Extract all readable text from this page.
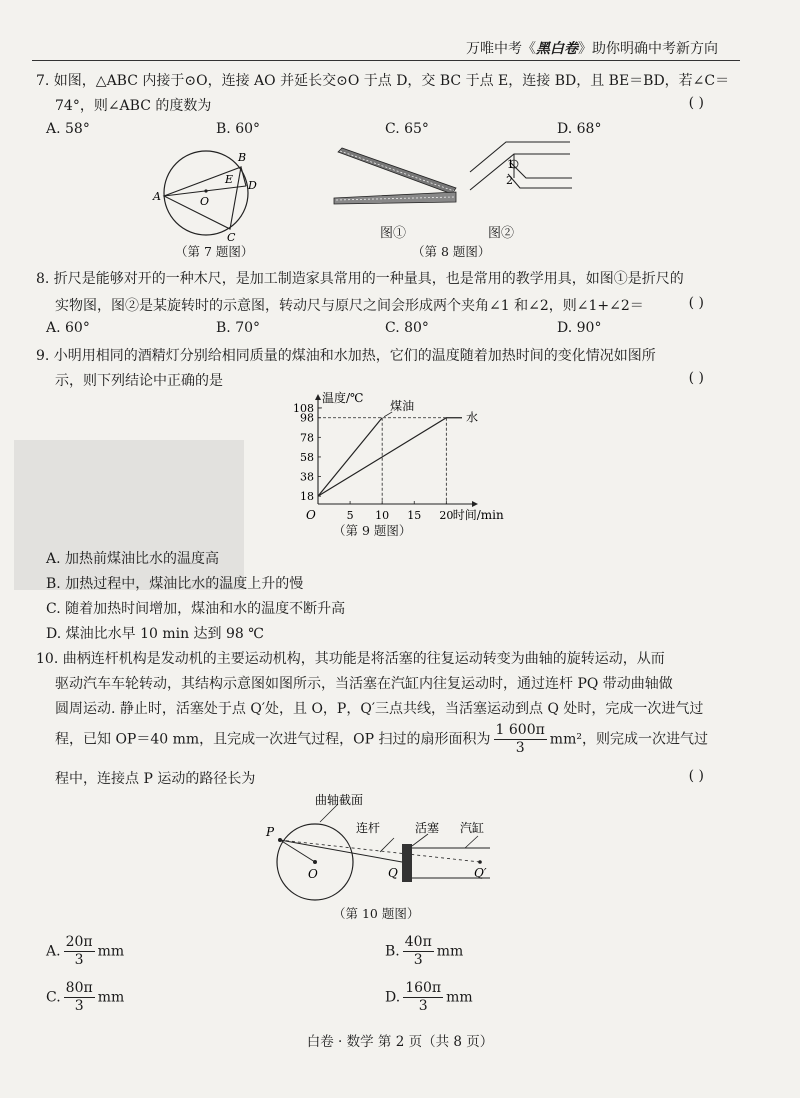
万唯中考《黑白卷》助你明确中考新方向
7. 如图，△ABC 内接于⊙O，连接 AO 并延长交⊙O 于点 D，交 BC 于点 E，连接 BD，且 BE＝BD，若∠C＝
74°，则∠ABC 的度数为	( )
A. 58°	B. 60°	C. 65°	D. 68°
A
B
C
D
E
O
（第 7 题图）
1
2
图①	图②
（第 8 题图）
8. 折尺是能够对开的一种木尺，是加工制造家具常用的一种量具，也是常用的教学用具，如图①是折尺的
实物图，图②是某旋转时的示意图，转动尺与原尺之间会形成两个夹角∠1 和∠2，则∠1+∠2＝	( )
A. 60°	B. 70°	C. 80°	D. 90°
9. 小明用相同的酒精灯分别给相同质量的煤油和水加热，它们的温度随着加热时间的变化情况如图所
示，则下列结论中正确的是	( )
18
38
58
78
98
108
5 10 15 20
温度/℃
时间/min
O
煤油
水
（第 9 题图）
A. 加热前煤油比水的温度高
B. 加热过程中，煤油比水的温度上升的慢
C. 随着加热时间增加，煤油和水的温度不断升高
D. 煤油比水早 10 min 达到 98 ℃
10. 曲柄连杆机构是发动机的主要运动机构，其功能是将活塞的往复运动转变为曲轴的旋转运动，从而
驱动汽车车轮转动，其结构示意图如图所示，当活塞在汽缸内往复运动时，通过连杆 PQ 带动曲轴做
圆周运动. 静止时，活塞处于点 Q′处，且 O，P，Q′三点共线，当活塞运动到点 Q 处时，完成一次进气过
程，已知 OP＝40 mm，且完成一次进气过程，OP 扫过的扇形面积为 $\frac{1 600\pi}{3} mm^2$，则完成一次进气过
程中，连接点 P 运动的路径长为	( )
曲轴截面
连杆	活塞 汽缸
P
O	Q	Q′
（第 10 题图）
A. $\frac{20\pi}{3}$ mm	B. $\frac{40\pi}{3}$ mm
C. $\frac{80\pi}{3}$ mm	D. $\frac{160\pi}{3}$ mm
白卷 · 数学 第 2 页（共 8 页）
